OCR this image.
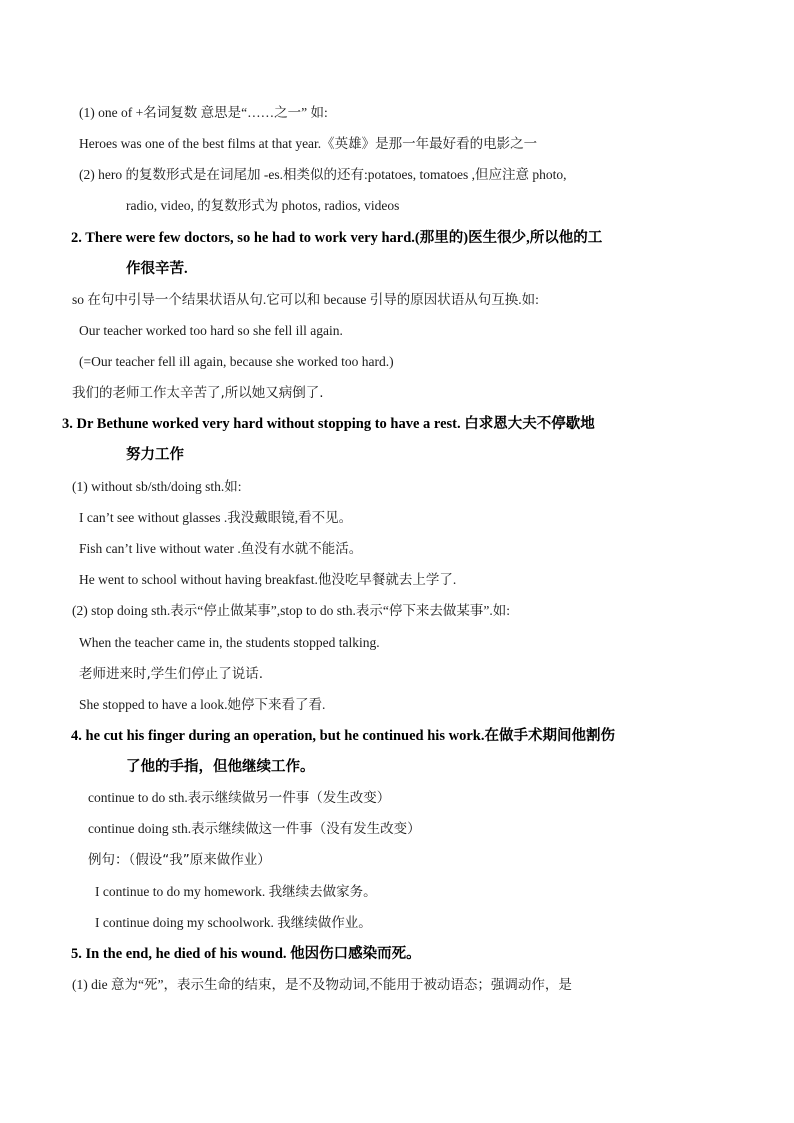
(1) one of +名词复数 意思是“……之一” 如:
Heroes was one of the best films at that year.《英雄》是那一年最好看的电影之一
(2) hero 的复数形式是在词尾加 -es.相类似的还有:potatoes, tomatoes ,但应注意 photo,
radio, video, 的复数形式为 photos, radios, videos
2. There were few doctors, so he had to work very hard.(那里的)医生很少,所以他的工
作很辛苦.
so 在句中引导一个结果状语从句.它可以和 because 引导的原因状语从句互换.如:
Our teacher worked too hard so she fell ill again.
(=Our teacher fell ill again, because she worked too hard.)
我们的老师工作太辛苦了,所以她又病倒了.
3. Dr Bethune worked very hard without stopping to have a rest. 白求恩大夫不停歇地
努力工作
(1) without sb/sth/doing sth.如:
I can’t see without glasses .我没戴眼镜,看不见。
Fish can’t live without water .鱼没有水就不能活。
He went to school without having breakfast.他没吃早餐就去上学了.
(2) stop doing sth.表示“停止做某事”,stop to do sth.表示“停下来去做某事”.如:
When the teacher came in, the students stopped talking.
老师进来时,学生们停止了说话.
She stopped to have a look.她停下来看了看.
4. he cut his finger during an operation, but he continued his work.在做手术期间他割伤
了他的手指，但他继续工作。
continue to do sth.表示继续做另一件事（发生改变）
continue doing sth.表示继续做这一件事（没有发生改变）
例句：（假设“我”原来做作业）
I continue to do my homework. 我继续去做家务。
I continue doing my schoolwork. 我继续做作业。
5. In the end, he died of his wound. 他因伤口感染而死。
(1) die 意为“死”，表示生命的结束，是不及物动词,不能用于被动语态；强调动作，是
